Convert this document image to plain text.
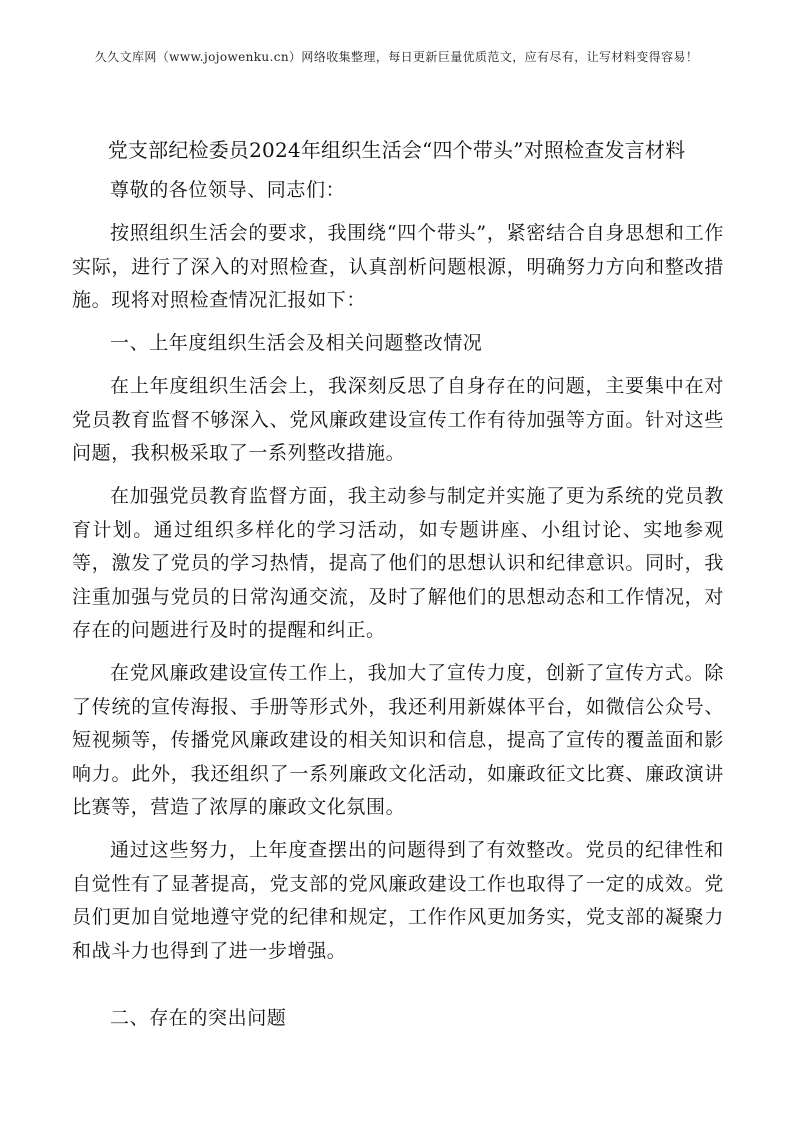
久久文库网（www.jojowenku.cn）网络收集整理，每日更新巨量优质范文，应有尽有，让写材料变得容易！
党支部纪检委员2024年组织生活会“四个带头”对照检查发言材料

尊敬的各位领导、同志们：

按照组织生活会的要求，我围绕“四个带头”，紧密结合自身思想和工作实际，进行了深入的对照检查，认真剖析问题根源，明确努力方向和整改措施。现将对照检查情况汇报如下：

一、上年度组织生活会及相关问题整改情况

在上年度组织生活会上，我深刻反思了自身存在的问题，主要集中在对党员教育监督不够深入、党风廉政建设宣传工作有待加强等方面。针对这些问题，我积极采取了一系列整改措施。

在加强党员教育监督方面，我主动参与制定并实施了更为系统的党员教育计划。通过组织多样化的学习活动，如专题讲座、小组讨论、实地参观等，激发了党员的学习热情，提高了他们的思想认识和纪律意识。同时，我注重加强与党员的日常沟通交流，及时了解他们的思想动态和工作情况，对存在的问题进行及时的提醒和纠正。

在党风廉政建设宣传工作上，我加大了宣传力度，创新了宣传方式。除了传统的宣传海报、手册等形式外，我还利用新媒体平台，如微信公众号、短视频等，传播党风廉政建设的相关知识和信息，提高了宣传的覆盖面和影响力。此外，我还组织了一系列廉政文化活动，如廉政征文比赛、廉政演讲比赛等，营造了浓厚的廉政文化氛围。

通过这些努力，上年度查摆出的问题得到了有效整改。党员的纪律性和自觉性有了显著提高，党支部的党风廉政建设工作也取得了一定的成效。党员们更加自觉地遵守党的纪律和规定，工作作风更加务实，党支部的凝聚力和战斗力也得到了进一步增强。

二、存在的突出问题
